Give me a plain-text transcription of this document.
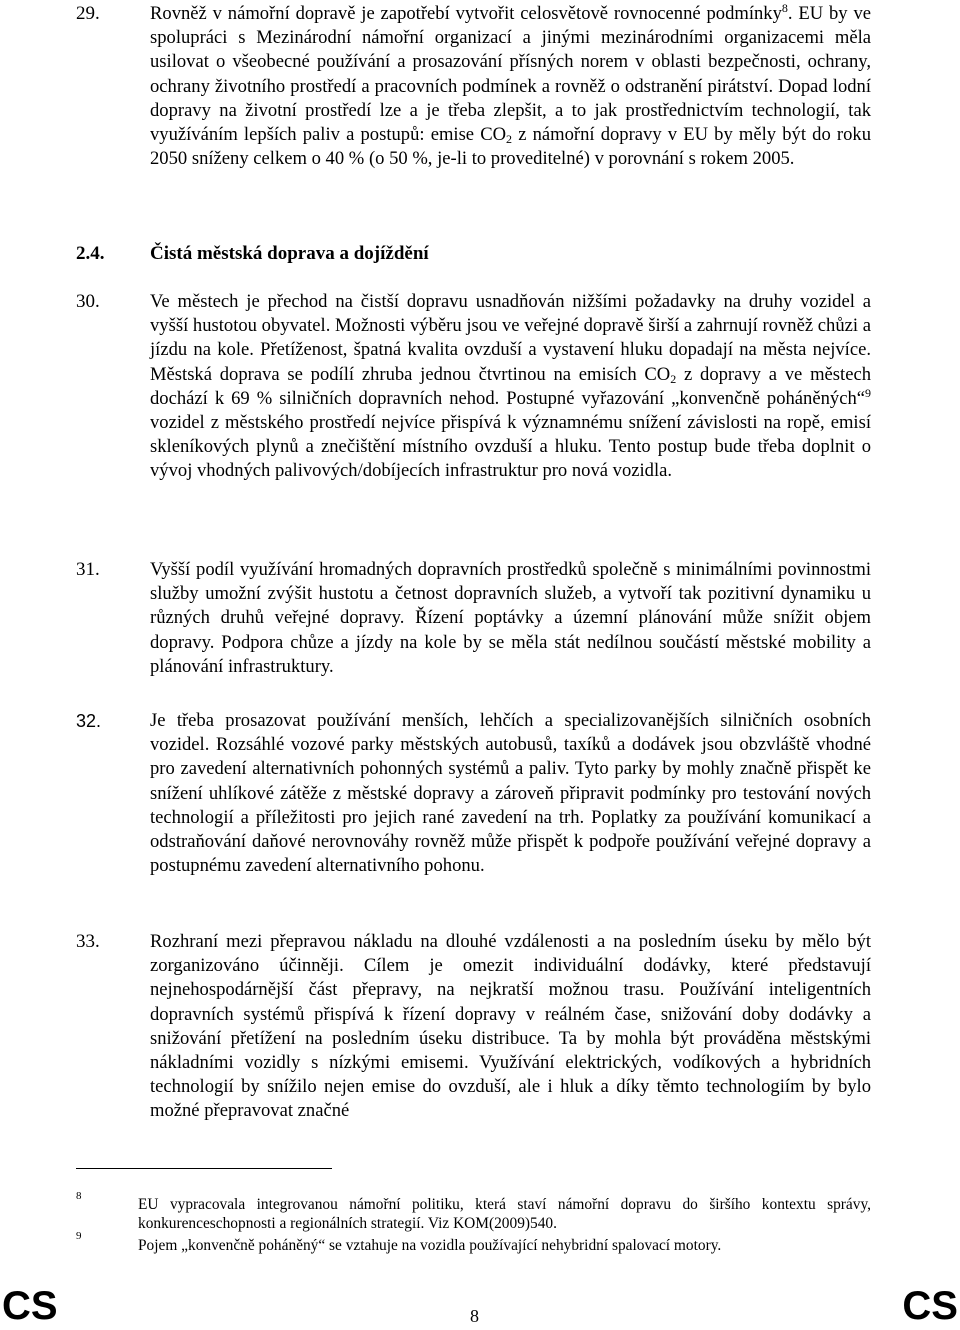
29.	Rovněž v námořní dopravě je zapotřebí vytvořit celosvětově rovnocenné podmínky$^8$. EU by ve spolupráci s Mezinárodní námořní organizací a jinými mezinárodními organizacemi měla usilovat o všeobecné používání a prosazování přísných norem v oblasti bezpečnosti, ochrany, ochrany životního prostředí a pracovních podmínek a rovněž o odstranění pirátství. Dopad lodní dopravy na životní prostředí lze a je třeba zlepšit, a to jak prostřednictvím technologií, tak využíváním lepších paliv a postupů: emise $CO_2$ z námořní dopravy v EU by měly být do roku 2050 sníženy celkem o 40 % (o 50 %, je-li to proveditelné) v porovnání s rokem 2005.
2.4. Čistá městská doprava a dojíždění
30.	Ve městech je přechod na čistší dopravu usnadňován nižšími požadavky na druhy vozidel a vyšší hustotou obyvatel. Možnosti výběru jsou ve veřejné dopravě širší a zahrnují rovněž chůzi a jízdu na kole. Přetíženost, špatná kvalita ovzduší a vystavení hluku dopadají na města nejvíce. Městská doprava se podílí zhruba jednou čtvrtinou na emisích $CO_2$ z dopravy a ve městech dochází k 69 % silničních dopravních nehod. Postupné vyřazování „konvenčně poháněných“$^9$ vozidel z městského prostředí nejvíce přispívá k významnému snížení závislosti na ropě, emisí skleníkových plynů a znečištění místního ovzduší a hluku. Tento postup bude třeba doplnit o vývoj vhodných palivových/dobíjecích infrastruktur pro nová vozidla.
31.	Vyšší podíl využívání hromadných dopravních prostředků společně s minimálními povinnostmi služby umožní zvýšit hustotu a četnost dopravních služeb, a vytvoří tak pozitivní dynamiku u různých druhů veřejné dopravy. Řízení poptávky a územní plánování může snížit objem dopravy. Podpora chůze a jízdy na kole by se měla stát nedílnou součástí městské mobility a plánování infrastruktury.
32.	Je třeba prosazovat používání menších, lehčích a specializovanějších silničních osobních vozidel. Rozsáhlé vozové parky městských autobusů, taxíků a dodávek jsou obzvláště vhodné pro zavedení alternativních pohonných systémů a paliv. Tyto parky by mohly značně přispět ke snížení uhlíkové zátěže z městské dopravy a zároveň připravit podmínky pro testování nových technologií a příležitosti pro jejich rané zavedení na trh. Poplatky za používání komunikací a odstraňování daňové nerovnováhy rovněž může přispět k podpoře používání veřejné dopravy a postupnému zavedení alternativního pohonu.
33.	Rozhraní mezi přepravou nákladu na dlouhé vzdálenosti a na posledním úseku by mělo být zorganizováno účinněji. Cílem je omezit individuální dodávky, které představují nejnehospodárnější část přepravy, na nejkratší možnou trasu. Používání inteligentních dopravních systémů přispívá k řízení dopravy v reálném čase, snižování doby dodávky a snižování přetížení na posledním úseku distribuce. Ta by mohla být prováděna městskými nákladními vozidly s nízkými emisemi. Využívání elektrických, vodíkových a hybridních technologií by snížilo nejen emise do ovzduší, ale i hluk a díky těmto technologiím by bylo možné přepravovat značné
8	EU vypracovala integrovanou námořní politiku, která staví námořní dopravu do širšího kontextu správy, konkurenceschopnosti a regionálních strategií. Viz KOM(2009)540.
9
Pojem „konvenčně poháněný“ se vztahuje na vozidla používající nehybridní spalovací motory.
CS	8	CS
